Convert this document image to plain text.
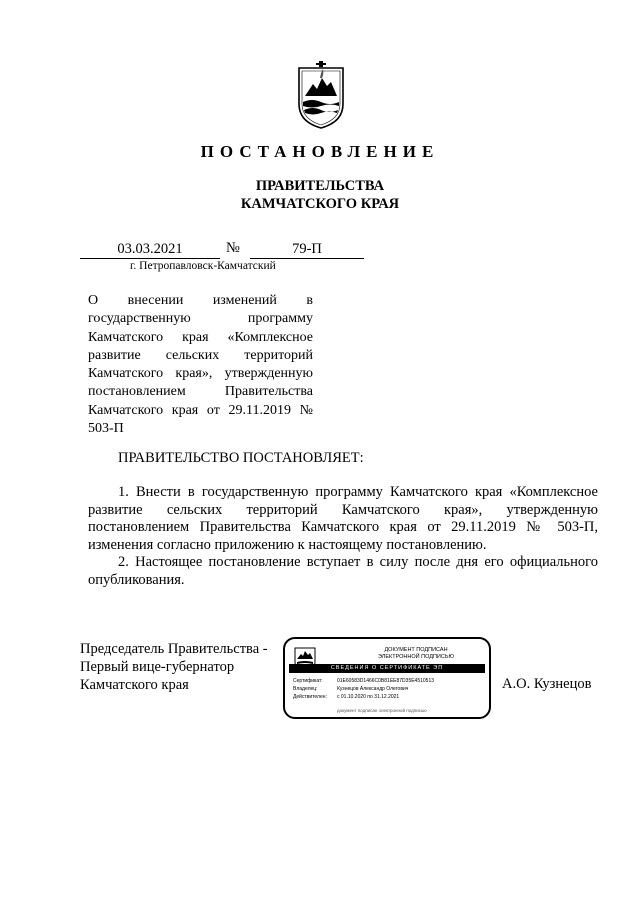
ПОСТАНОВЛЕНИЕ
ПРАВИТЕЛЬСТВА
КАМЧАТСКОГО КРАЯ
03.03.2021	№	79-П
г. Петропавловск-Камчатский

О внесении изменений в государственную программу Камчатского края «Комплексное развитие сельских территорий Камчатского края», утвержденную постановлением Правительства Камчатского края от 29.11.2019 № 503-П

ПРАВИТЕЛЬСТВО ПОСТАНОВЛЯЕТ:

1. Внести в государственную программу Камчатского края «Комплексное развитие сельских территорий Камчатского края», утвержденную постановлением Правительства Камчатского края от 29.11.2019 № 503-П, изменения согласно приложению к настоящему постановлению.

2. Настоящее постановление вступает в силу после дня его официального опубликования.

Председатель Правительства -
Первый вице-губернатор
Камчатского края
ДОКУМЕНТ ПОДПИСАН
ЭЛЕКТРОННОЙ ПОДПИСЬЮ
СВЕДЕНИЯ О СЕРТИФИКАТЕ ЭП
Сертификат:	01E60583D1466C0B81EE87D35E4510513
Владелец:	Кузнецов Александр Олегович
Действителен:	с 01.10.2020 по 31.12.2021
документ подписан электронной подписью
А.О. Кузнецов
